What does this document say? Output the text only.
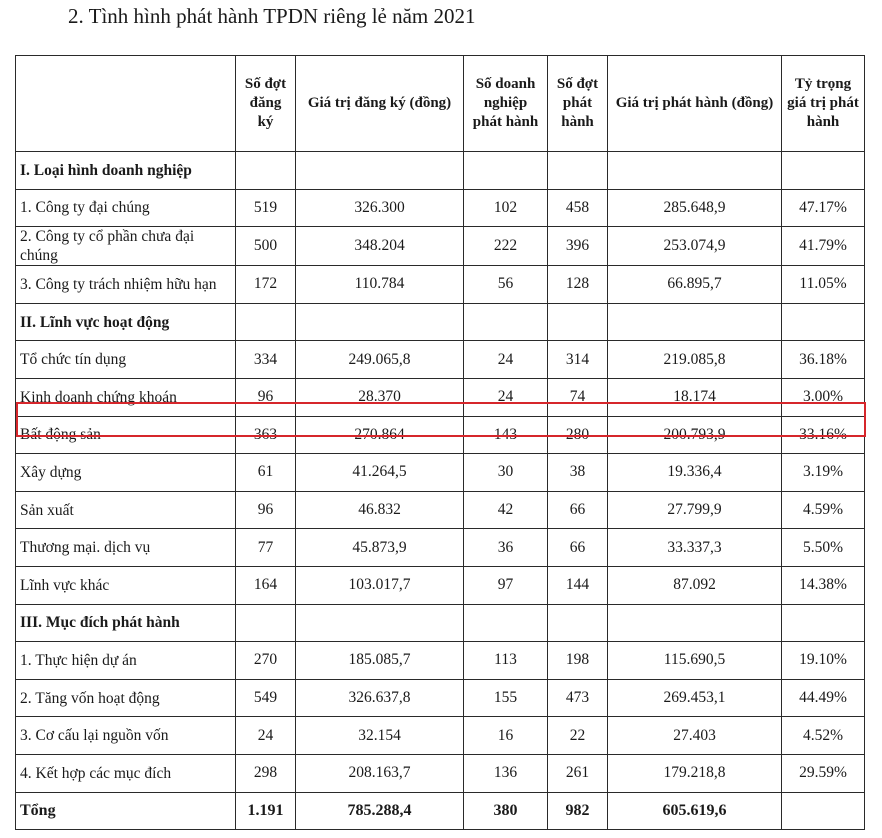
2. Tình hình phát hành TPDN riêng lẻ năm 2021
	Số đợt đăng ký	Giá trị đăng ký (đồng)	Số doanh nghiệp phát hành	Số đợt phát hành	Giá trị phát hành (đồng)	Tỷ trọng giá trị phát hành
I. Loại hình doanh nghiệp						
1. Công ty đại chúng	519	326.300	102	458	285.648,9	47.17%
2. Công ty cổ phần chưa đại chúng	500	348.204	222	396	253.074,9	41.79%
3. Công ty trách nhiệm hữu hạn	172	110.784	56	128	66.895,7	11.05%
II. Lĩnh vực hoạt động						
Tổ chức tín dụng	334	249.065,8	24	314	219.085,8	36.18%
Kinh doanh chứng khoán	96	28.370	24	74	18.174	3.00%
Bất động sản	363	270.864	143	280	200.793,9	33.16%
Xây dựng	61	41.264,5	30	38	19.336,4	3.19%
Sản xuất	96	46.832	42	66	27.799,9	4.59%
Thương mại. dịch vụ	77	45.873,9	36	66	33.337,3	5.50%
Lĩnh vực khác	164	103.017,7	97	144	87.092	14.38%
III. Mục đích phát hành						
1. Thực hiện dự án	270	185.085,7	113	198	115.690,5	19.10%
2. Tăng vốn hoạt động	549	326.637,8	155	473	269.453,1	44.49%
3. Cơ cấu lại nguồn vốn	24	32.154	16	22	27.403	4.52%
4. Kết hợp các mục đích	298	208.163,7	136	261	179.218,8	29.59%
Tổng	1.191	785.288,4	380	982	605.619,6	
